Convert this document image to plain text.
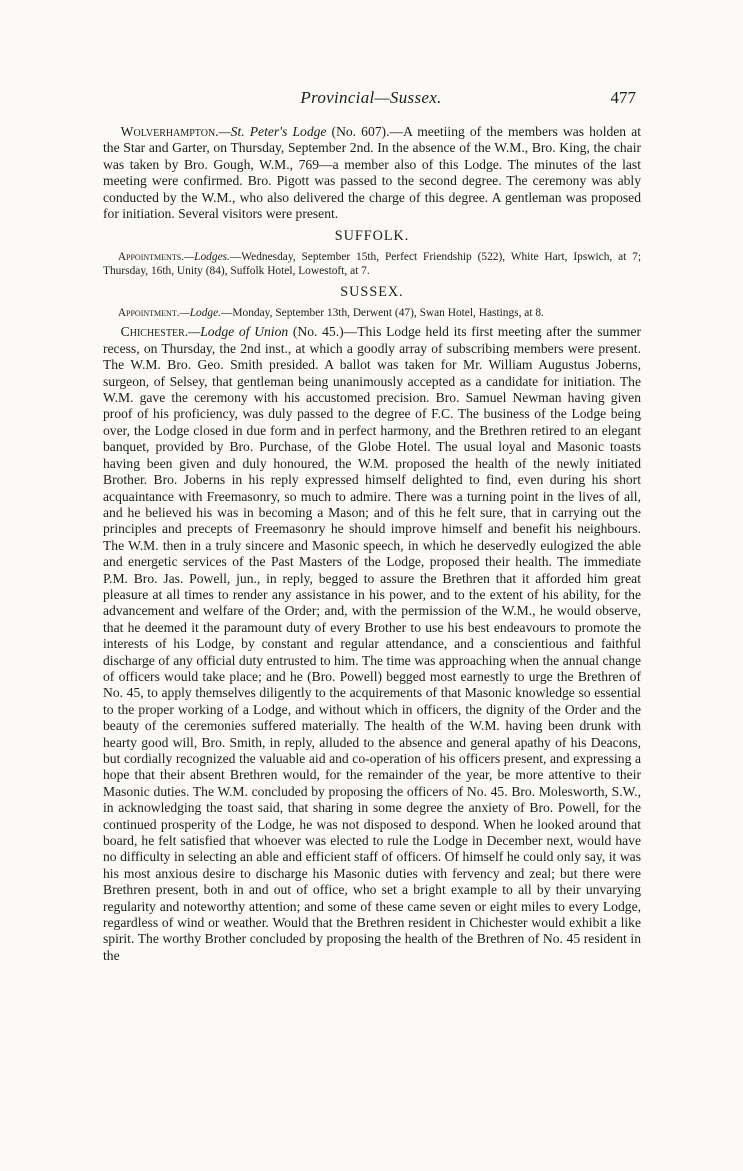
Provincial—Sussex.	477

Wolverhampton.—St. Peter's Lodge (No. 607).—A meetiing of the members was holden at the Star and Garter, on Thursday, September 2nd. In the absence of the W.M., Bro. King, the chair was taken by Bro. Gough, W.M., 769—a member also of this Lodge. The minutes of the last meeting were confirmed. Bro. Pigott was passed to the second degree. The ceremony was ably conducted by the W.M., who also delivered the charge of this degree. A gentleman was proposed for initiation. Several visitors were present.

SUFFOLK.
Appointments.—Lodges.—Wednesday, September 15th, Perfect Friendship (522), White Hart, Ipswich, at 7; Thursday, 16th, Unity (84), Suffolk Hotel, Lowestoft, at 7.
SUSSEX.
Appointment.—Lodge.—Monday, September 13th, Derwent (47), Swan Hotel, Hastings, at 8.

Chichester.—Lodge of Union (No. 45.)—This Lodge held its first meeting after the summer recess, on Thursday, the 2nd inst., at which a goodly array of subscribing members were present. The W.M. Bro. Geo. Smith presided. A ballot was taken for Mr. William Augustus Joberns, surgeon, of Selsey, that gentleman being unanimously accepted as a candidate for initiation. The W.M. gave the ceremony with his accustomed precision. Bro. Samuel Newman having given proof of his proficiency, was duly passed to the degree of F.C. The business of the Lodge being over, the Lodge closed in due form and in perfect harmony, and the Brethren retired to an elegant banquet, provided by Bro. Purchase, of the Globe Hotel. The usual loyal and Masonic toasts having been given and duly honoured, the W.M. proposed the health of the newly initiated Brother. Bro. Joberns in his reply expressed himself delighted to find, even during his short acquaintance with Freemasonry, so much to admire. There was a turning point in the lives of all, and he believed his was in becoming a Mason; and of this he felt sure, that in carrying out the principles and precepts of Freemasonry he should improve himself and benefit his neighbours. The W.M. then in a truly sincere and Masonic speech, in which he deservedly eulogized the able and energetic services of the Past Masters of the Lodge, proposed their health. The immediate P.M. Bro. Jas. Powell, jun., in reply, begged to assure the Brethren that it afforded him great pleasure at all times to render any assistance in his power, and to the extent of his ability, for the advancement and welfare of the Order; and, with the permission of the W.M., he would observe, that he deemed it the paramount duty of every Brother to use his best endeavours to promote the interests of his Lodge, by constant and regular attendance, and a conscientious and faithful discharge of any official duty entrusted to him. The time was approaching when the annual change of officers would take place; and he (Bro. Powell) begged most earnestly to urge the Brethren of No. 45, to apply themselves diligently to the acquirements of that Masonic knowledge so essential to the proper working of a Lodge, and without which in officers, the dignity of the Order and the beauty of the ceremonies suffered materially. The health of the W.M. having been drunk with hearty good will, Bro. Smith, in reply, alluded to the absence and general apathy of his Deacons, but cordially recognized the valuable aid and co-operation of his officers present, and expressing a hope that their absent Brethren would, for the remainder of the year, be more attentive to their Masonic duties. The W.M. concluded by proposing the officers of No. 45. Bro. Molesworth, S.W., in acknowledging the toast said, that sharing in some degree the anxiety of Bro. Powell, for the continued prosperity of the Lodge, he was not disposed to despond. When he looked around that board, he felt satisfied that whoever was elected to rule the Lodge in December next, would have no difficulty in selecting an able and efficient staff of officers. Of himself he could only say, it was his most anxious desire to discharge his Masonic duties with fervency and zeal; but there were Brethren present, both in and out of office, who set a bright example to all by their unvarying regularity and noteworthy attention; and some of these came seven or eight miles to every Lodge, regardless of wind or weather. Would that the Brethren resident in Chichester would exhibit a like spirit. The worthy Brother concluded by proposing the health of the Brethren of No. 45 resident in the
